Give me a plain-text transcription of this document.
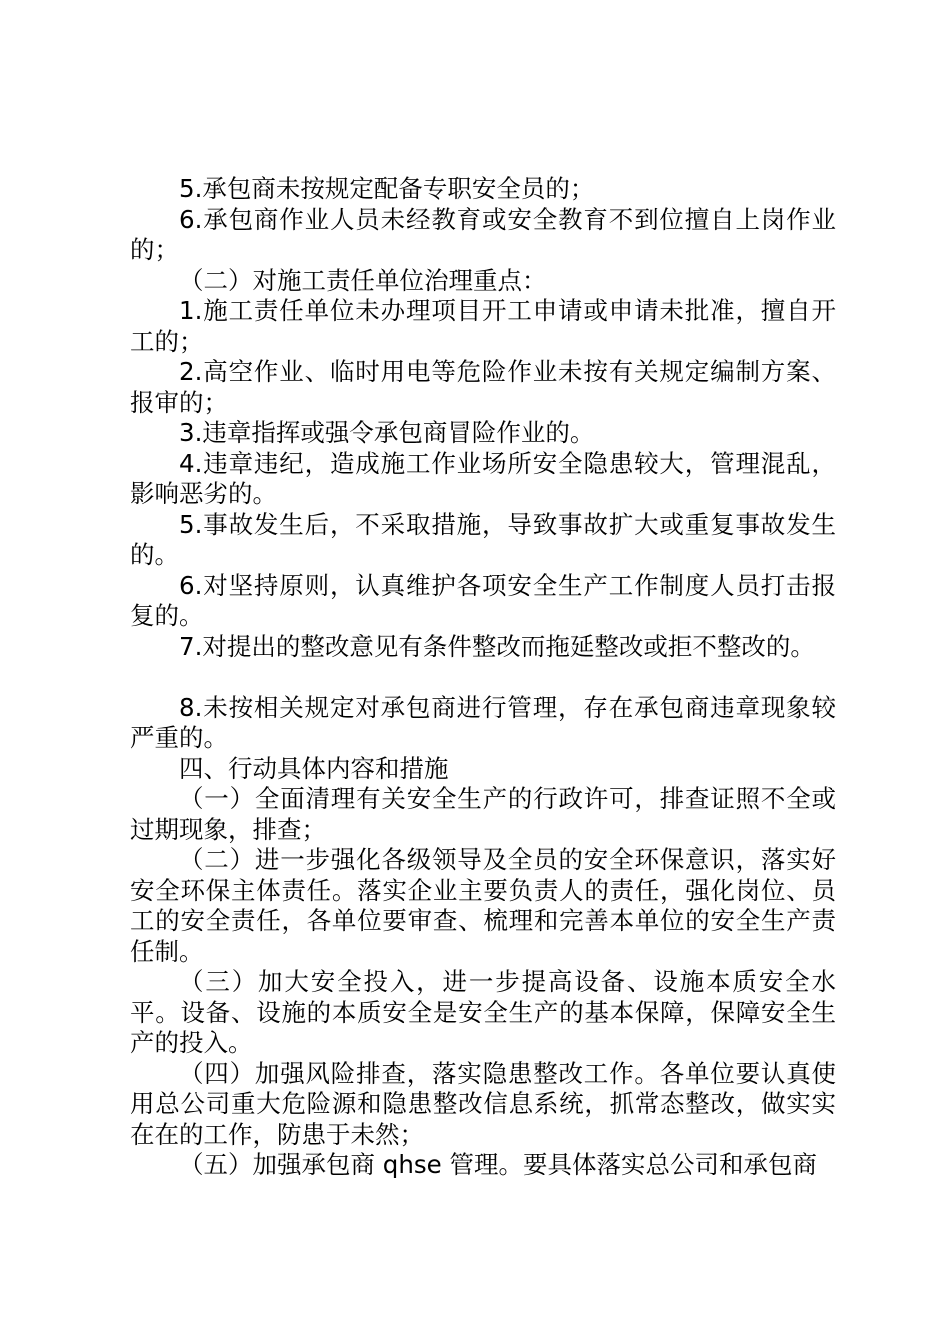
5.承包商未按规定配备专职安全员的；

6.承包商作业人员未经教育或安全教育不到位擅自上岗作业的；

（二）对施工责任单位治理重点：

1.施工责任单位未办理项目开工申请或申请未批准，擅自开工的；

2.高空作业、临时用电等危险作业未按有关规定编制方案、报审的；

3.违章指挥或强令承包商冒险作业的。

4.违章违纪，造成施工作业场所安全隐患较大，管理混乱，影响恶劣的。

5.事故发生后，不采取措施，导致事故扩大或重复事故发生的。

6.对坚持原则，认真维护各项安全生产工作制度人员打击报复的。

7.对提出的整改意见有条件整改而拖延整改或拒不整改的。

8.未按相关规定对承包商进行管理，存在承包商违章现象较严重的。

四、行动具体内容和措施

（一）全面清理有关安全生产的行政许可，排查证照不全或过期现象，排查；

（二）进一步强化各级领导及全员的安全环保意识，落实好安全环保主体责任。落实企业主要负责人的责任，强化岗位、员工的安全责任，各单位要审查、梳理和完善本单位的安全生产责任制。

（三）加大安全投入，进一步提高设备、设施本质安全水平。设备、设施的本质安全是安全生产的基本保障，保障安全生产的投入。

（四）加强风险排查，落实隐患整改工作。各单位要认真使用总公司重大危险源和隐患整改信息系统，抓常态整改，做实实在在的工作，防患于未然；

（五）加强承包商 qhse 管理。要具体落实总公司和承包商
